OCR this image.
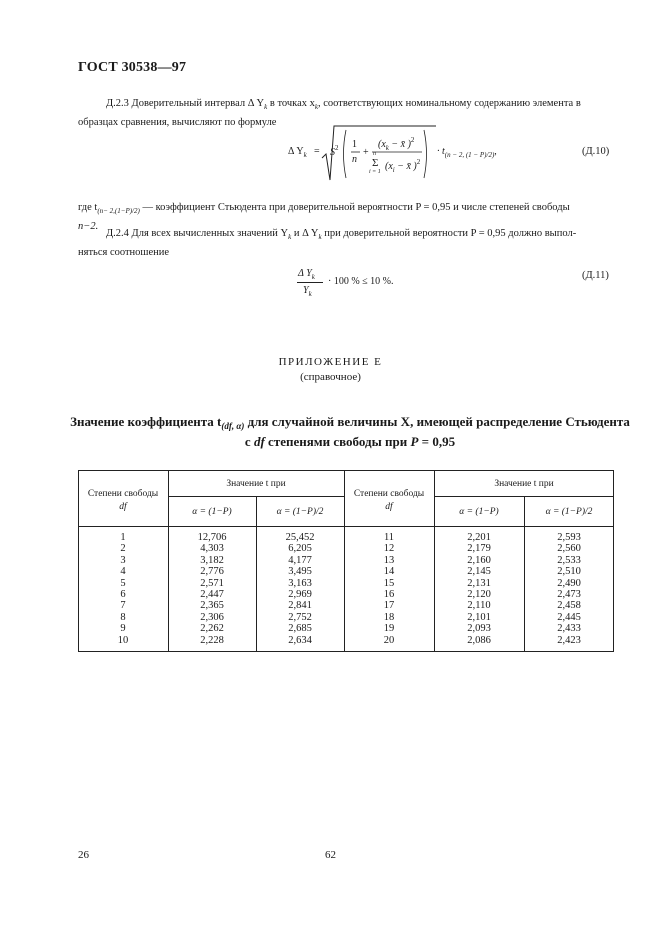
ГОСТ 30538—97
Д.2.3 Доверительный интервал Δ $Y_k$ в точках $x_k$, соответствующих номинальному содержанию элемента в
образцах сравнения, вычисляют по формуле
Δ $Y_k = S^2$ 1
n
+
($x_k$ − x̄ )$^2$
n
Σ
i = 1 ($x_i$ − x̄ )$^2$
· $t_{(n - 2, (1 - P)/2)}$,	(Д.10)
где $t_{(n- 2,(1-P)/2)}$ — коэффициент Стьюдента при доверительной вероятности P = 0,95 и числе степеней свободы
n−2.
Д.2.4 Для всех вычисленных значений $Y_k$ и Δ $Y_k$ при доверительной вероятности P = 0,95 должно выпол-
няться соотношение
Δ $Y_k$
$Y_k$
· 100 % ≤ 10 %.
(Д.11)
ПРИЛОЖЕНИЕ Е
(справочное)
Значение коэффициента $t_{(df, \alpha)}$ для случайной величины X, имеющей распределение Стьюдента
с df степенями свободы при P = 0,95
Степени свободы
df
Значение t при
α = (1−P)	α = (1−P)/2
Степени свободы
df
Значение t при
α = (1−P)	α = (1−P)/2
1	12,706	25,452	11	2,201	2,593
2	4,303	6,205	12	2,179	2,560
3	3,182	4,177	13	2,160	2,533
4	2,776	3,495	14	2,145	2,510
5	2,571	3,163	15	2,131	2,490
6	2,447	2,969	16	2,120	2,473
7	2,365	2,841	17	2,110	2,458
8	2,306	2,752	18	2,101	2,445
9	2,262	2,685	19	2,093	2,433
10	2,228	2,634	20	2,086	2,423
26	62
